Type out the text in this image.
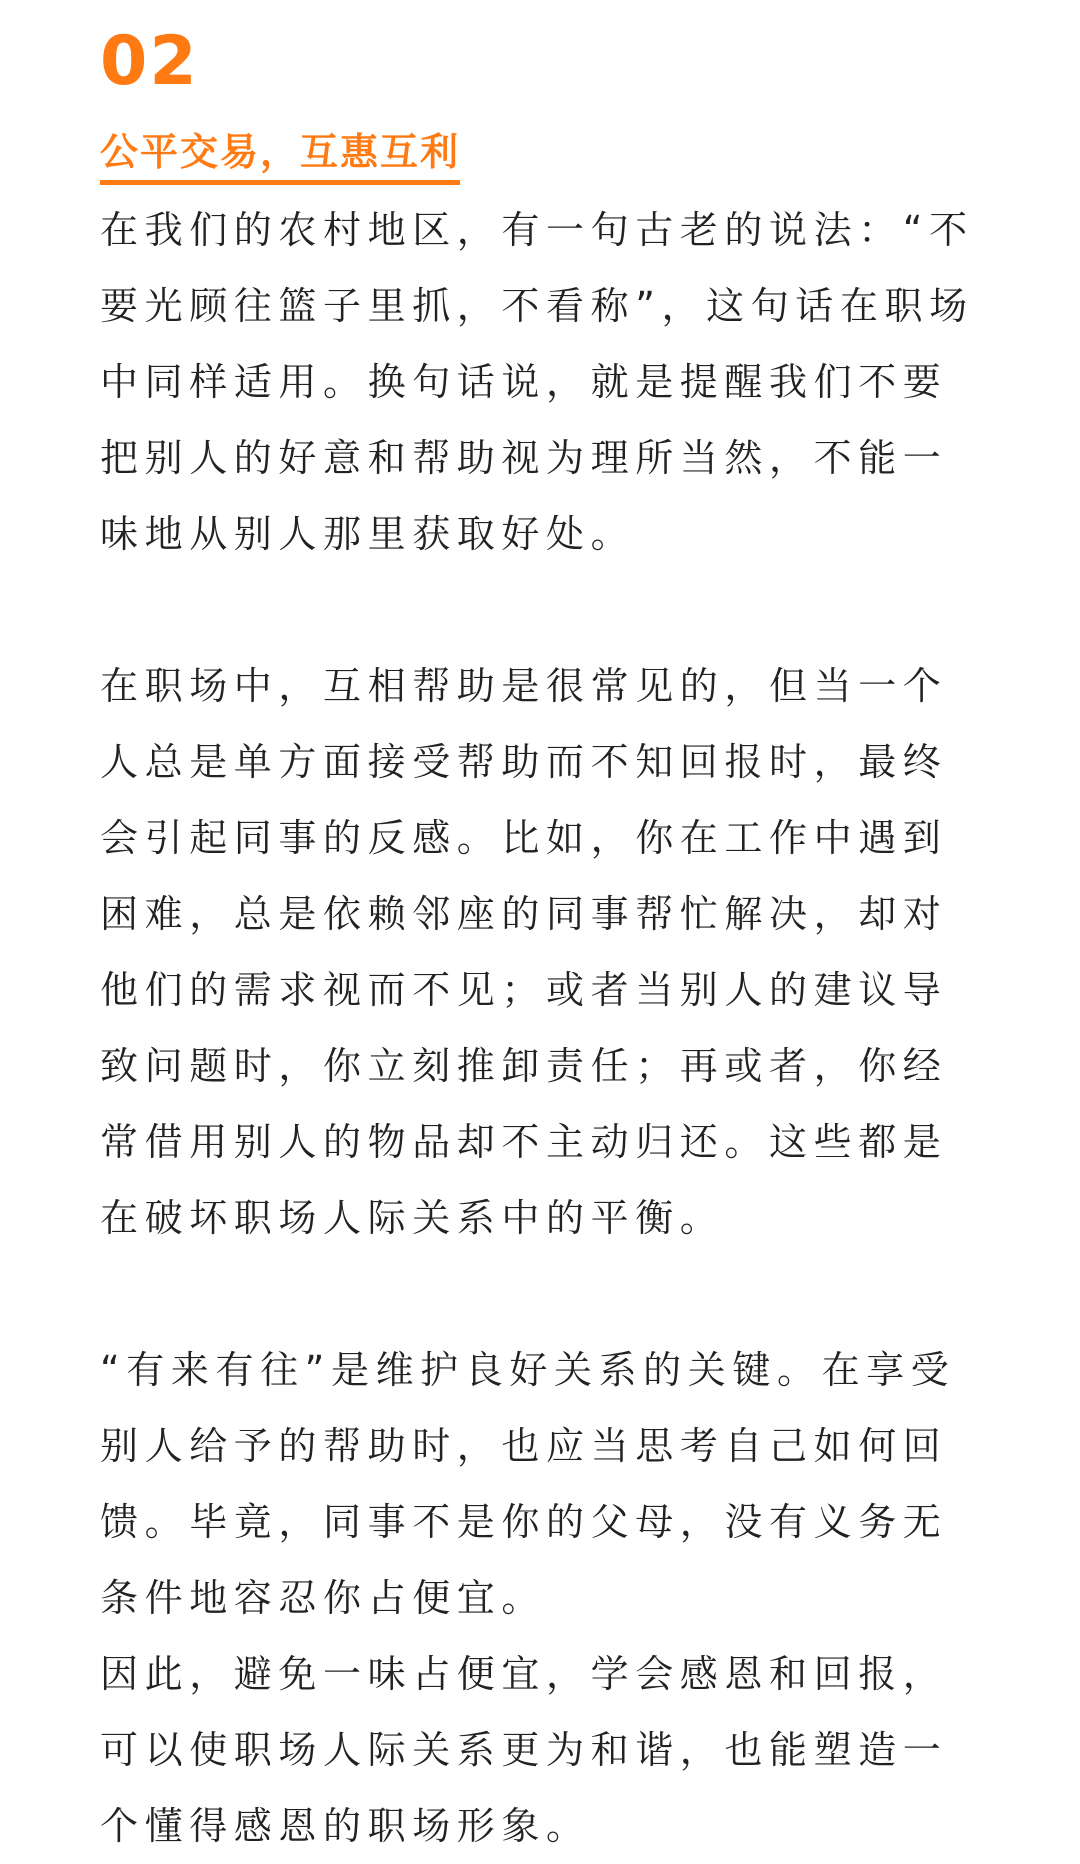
02
公平交易，互惠互利

在我们的农村地区，有一句古老的说法：“不要光顾往篮子里抓，不看称”，这句话在职场中同样适用。换句话说，就是提醒我们不要把别人的好意和帮助视为理所当然，不能一味地从别人那里获取好处。

在职场中，互相帮助是很常见的，但当一个人总是单方面接受帮助而不知回报时，最终会引起同事的反感。比如，你在工作中遇到困难，总是依赖邻座的同事帮忙解决，却对他们的需求视而不见；或者当别人的建议导致问题时，你立刻推卸责任；再或者，你经常借用别人的物品却不主动归还。这些都是在破坏职场人际关系中的平衡。

“有来有往”是维护良好关系的关键。在享受别人给予的帮助时，也应当思考自己如何回馈。毕竟，同事不是你的父母，没有义务无条件地容忍你占便宜。

因此，避免一味占便宜，学会感恩和回报，可以使职场人际关系更为和谐，也能塑造一个懂得感恩的职场形象。
